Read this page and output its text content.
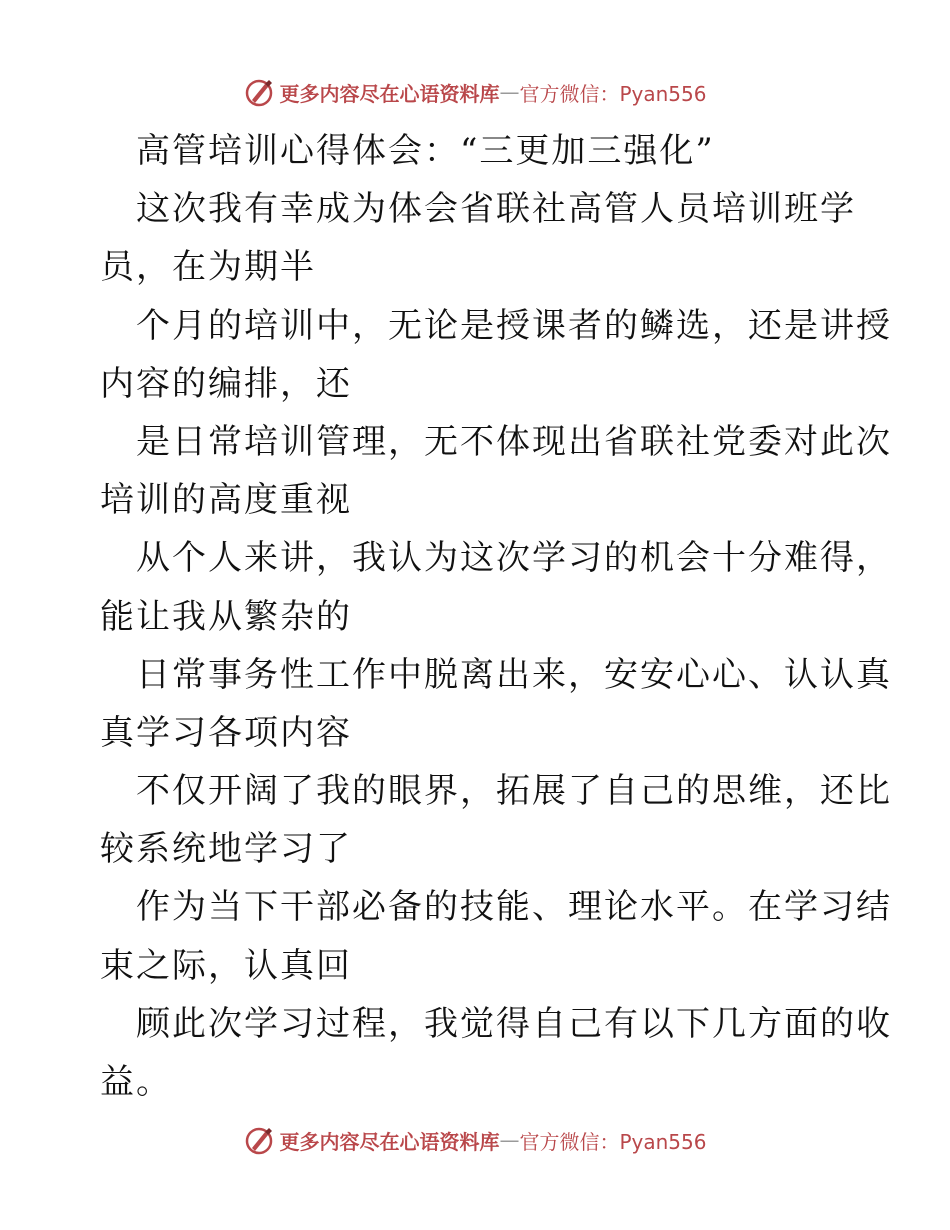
更多内容尽在心语资料库 — 官方微信：Pyan556
高管培训心得体会：“三更加三强化”
这次我有幸成为体会省联社高管人员培训班学
员，在为期半
个月的培训中，无论是授课者的鳞选，还是讲授
内容的编排，还
是日常培训管理，无不体现出省联社党委对此次
培训的高度重视
从个人来讲，我认为这次学习的机会十分难得，
能让我从繁杂的
日常事务性工作中脱离出来，安安心心、认认真
真学习各项内容
不仅开阔了我的眼界，拓展了自己的思维，还比
较系统地学习了
作为当下干部必备的技能、理论水平。在学习结
束之际，认真回
顾此次学习过程，我觉得自己有以下几方面的收
益。
更多内容尽在心语资料库 — 官方微信：Pyan556
